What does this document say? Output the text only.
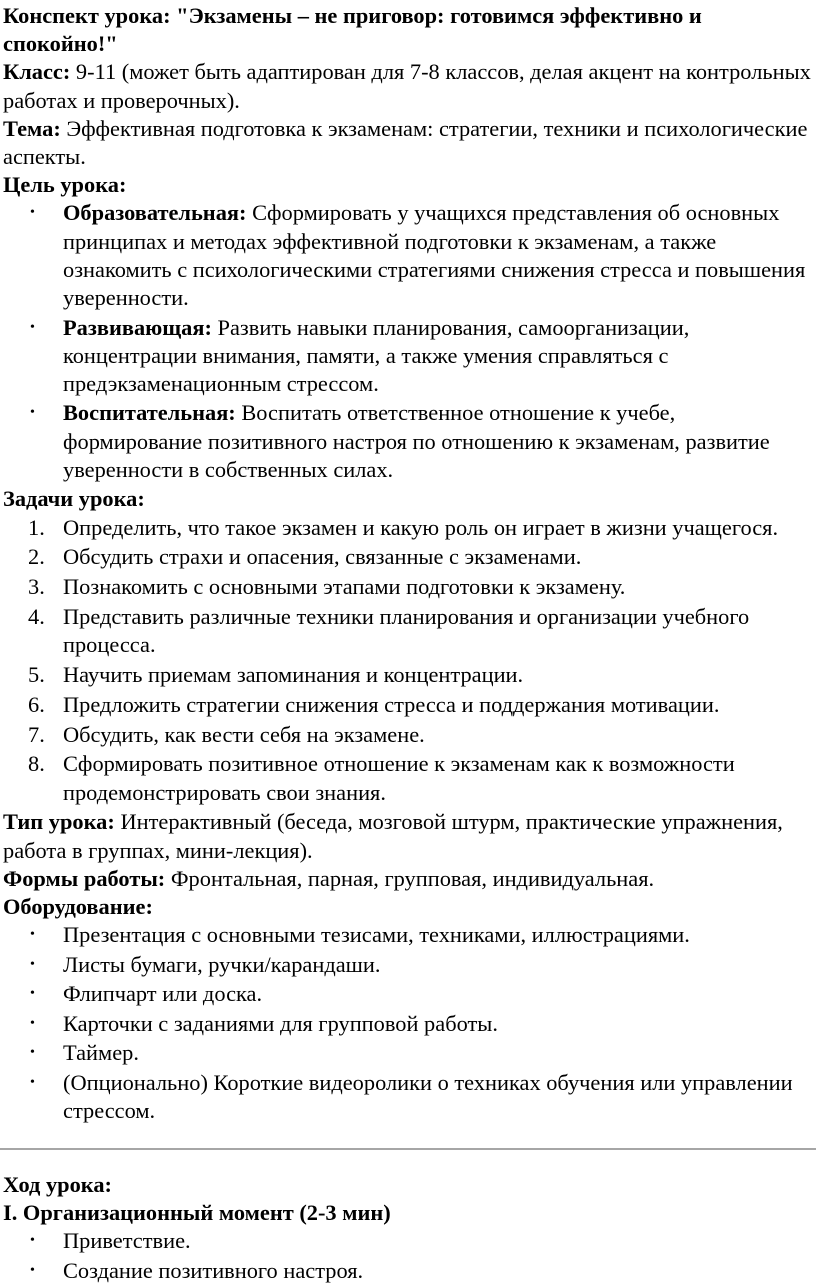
Конспект урока: "Экзамены – не приговор: готовимся эффективно и спокойно!"

Класс: 9-11 (может быть адаптирован для 7-8 классов, делая акцент на контрольных работах и проверочных).

Тема: Эффективная подготовка к экзаменам: стратегии, техники и психологические аспекты.

Цель урока:

• Образовательная: Сформировать у учащихся представления об основных принципах и методах эффективной подготовки к экзаменам, а также ознакомить с психологическими стратегиями снижения стресса и повышения уверенности.
• Развивающая: Развить навыки планирования, самоорганизации, концентрации внимания, памяти, а также умения справляться с предэкзаменационным стрессом.
• Воспитательная: Воспитать ответственное отношение к учебе, формирование позитивного настроя по отношению к экзаменам, развитие уверенности в собственных силах.

Задачи урока:

1. Определить, что такое экзамен и какую роль он играет в жизни учащегося.
2. Обсудить страхи и опасения, связанные с экзаменами.
3. Познакомить с основными этапами подготовки к экзамену.
4. Представить различные техники планирования и организации учебного процесса.
5. Научить приемам запоминания и концентрации.
6. Предложить стратегии снижения стресса и поддержания мотивации.
7. Обсудить, как вести себя на экзамене.
8. Сформировать позитивное отношение к экзаменам как к возможности продемонстрировать свои знания.

Тип урока: Интерактивный (беседа, мозговой штурм, практические упражнения, работа в группах, мини-лекция).

Формы работы: Фронтальная, парная, групповая, индивидуальная.

Оборудование:

• Презентация с основными тезисами, техниками, иллюстрациями.
• Листы бумаги, ручки/карандаши.
• Флипчарт или доска.
• Карточки с заданиями для групповой работы.
• Таймер.
• (Опционально) Короткие видеоролики о техниках обучения или управлении стрессом.

Ход урока:

I. Организационный момент (2-3 мин)

• Приветствие.
• Создание позитивного настроя.
